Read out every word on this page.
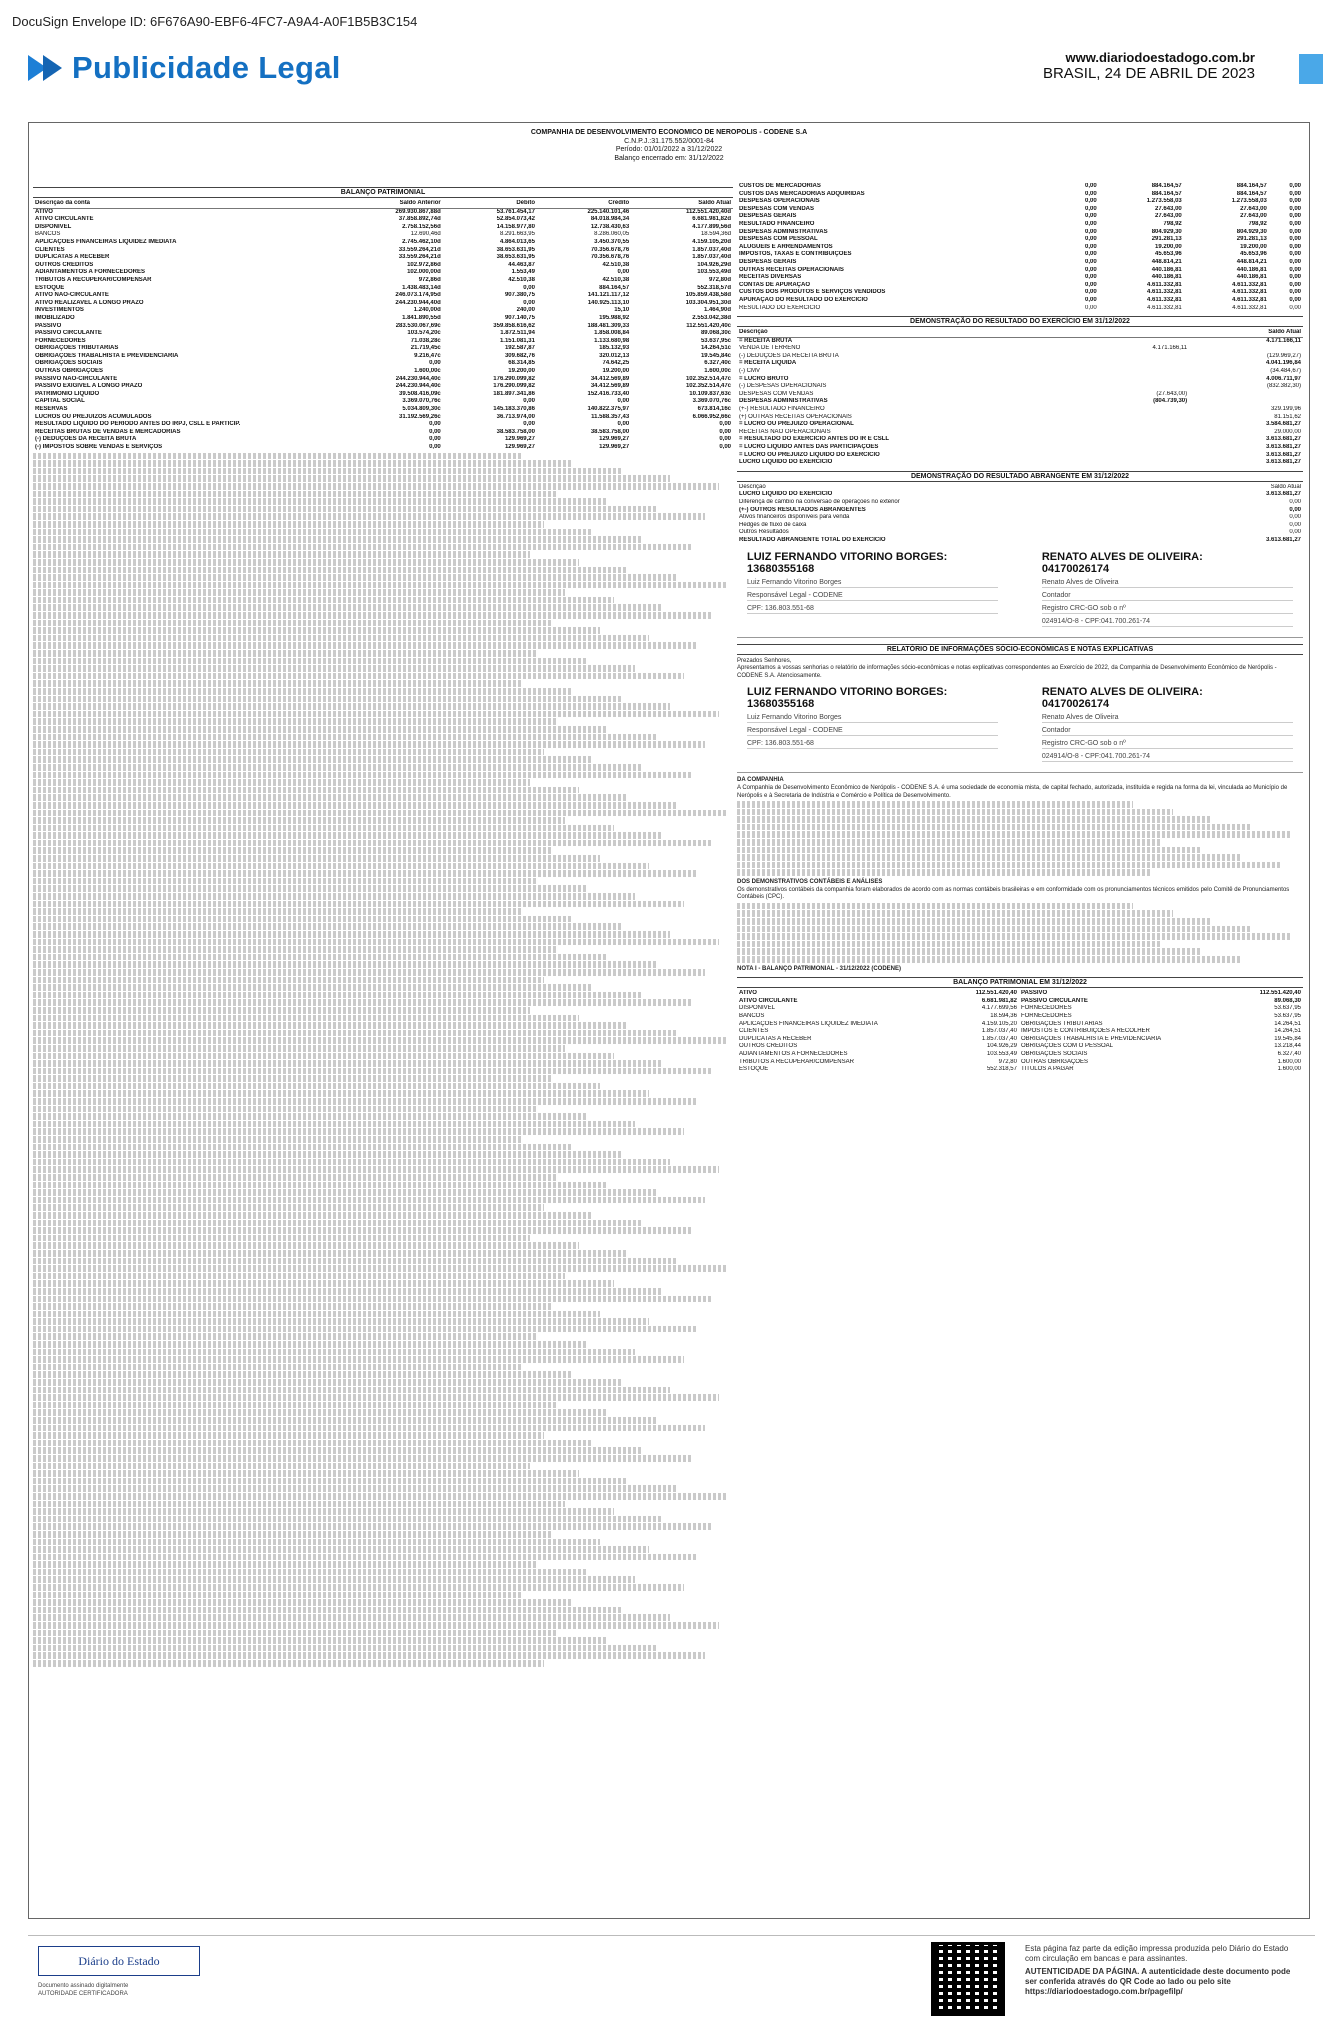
DocuSign Envelope ID: 6F676A90-EBF6-4FC7-A9A4-A0F1B5B3C154
Publicidade Legal	www.diariodoestadogo.com.br
BRASIL, 24 DE ABRIL DE 2023
COMPANHIA DE DESENVOLVIMENTO ECONOMICO DE NEROPOLIS - CODENE S.A
C.N.P.J.:31.175.552/0001-84
Período: 01/01/2022 a 31/12/2022
Balanço encerrado em: 31/12/2022
BALANÇO PATRIMONIAL
Descrição da conta	Saldo Anterior	Débito	Crédito	Saldo Atual
ATIVO	269.930.867,88d	53.761.454,17	225.140.101,46	112.551.420,40d
ATIVO CIRCULANTE	37.858.892,74d	52.854.073,42	84.018.984,34	6.681.981,82d
DISPONIVEL	2.758.152,56d	14.158.977,80	12.738.430,63	4.177.899,56d
BANCOS	12.690,46d	8.291.663,95	8.286.060,05	18.594,36d
APLICAÇÕES FINANCEIRAS LIQUIDEZ IMEDIATA	2.745.462,10d	4.864.013,65	3.450.370,55	4.159.105,20d
CLIENTES	33.559.264,21d	38.653.631,95	70.356.678,76	1.857.037,40d
DUPLICATAS A RECEBER	33.559.264,21d	38.653.631,95	70.356.678,76	1.857.037,40d
OUTROS CRÉDITOS	102.972,86d	44.463,87	42.510,38	104.926,29d
ADIANTAMENTOS A FORNECEDORES	102.000,00d	1.553,49	0,00	103.553,49d
TRIBUTOS A RECUPERAR/COMPENSAR	972,86d	42.510,38	42.510,38	972,80d
ESTOQUE	1.438.483,14d	0,00	884.164,57	552.318,57d
ATIVO NÃO-CIRCULANTE	246.073.174,95d	907.380,75	141.121.117,12	105.859.438,58d
ATIVO REALIZAVEL A LONGO PRAZO	244.230.944,40d	0,00	140.925.113,10	103.304.951,30d
INVESTIMENTOS	1.240,00d	240,00	15,10	1.464,90d
IMOBILIZADO	1.841.890,55d	907.140,75	195.988,92	2.553.042,38d
PASSIVO	283.530.067,69c	359.858.616,62	188.481.309,33	112.551.420,40c
PASSIVO CIRCULANTE	103.574,20c	1.872.511,94	1.858.008,84	89.068,30c
FORNECEDORES	71.038,28c	1.151.081,31	1.133.680,98	53.637,95c
OBRIGAÇÕES TRIBUTÁRIAS	21.719,45c	192.587,87	185.132,93	14.264,51c
OBRIGAÇÕES TRABALHISTA E PREVIDENCIARIA	9.216,47c	309.682,76	320.012,13	19.545,84c
OBRIGAÇÕES SOCIAIS	0,00	68.314,85	74.642,25	6.327,40c
OUTRAS OBRIGAÇÕES	1.600,00c	19.200,00	19.200,00	1.600,00c
PASSIVO NÃO-CIRCULANTE	244.230.944,40c	176.290.099,82	34.412.569,89	102.352.514,47c
PASSIVO EXIGÍVEL A LONGO PRAZO	244.230.944,40c	176.290.099,82	34.412.569,89	102.352.514,47c
PATRIMÔNIO LÍQUIDO	39.508.416,09c	181.897.341,86	152.416.733,40	10.109.837,63c
CAPITAL SOCIAL	3.369.070,76c	0,00	0,00	3.369.070,76c
RESERVAS	5.034.809,30c	145.183.370,86	140.822.375,97	673.814,16c
LUCROS OU PREJUÍZOS ACUMULADOS	31.192.569,26c	36.713.974,00	11.588.357,43	6.066.952,66c
RESULTADO LIQUIDO DO PERÍODO ANTES DO IRPJ, CSLL E PARTICIP.	0,00	0,00	0,00	0,00
RECEITAS BRUTAS DE VENDAS E MERCADORIAS	0,00	38.583.758,00	38.583.758,00	0,00
(-) DEDUÇÕES DA RECEITA BRUTA	0,00	129.969,27	129.969,27	0,00
(-) IMPOSTOS SOBRE VENDAS E SERVIÇOS	0,00	129.969,27	129.969,27	0,00
CUSTOS DE MERCADORIAS	0,00	884.164,57	884.164,57	0,00
CUSTOS DAS MERCADORIAS ADQUIRIDAS	0,00	884.164,57	884.164,57	0,00
DESPESAS OPERACIONAIS	0,00	1.273.558,03	1.273.558,03	0,00
DESPESAS COM VENDAS	0,00	27.643,00	27.643,00	0,00
DESPESAS GERAIS	0,00	27.643,00	27.643,00	0,00
RESULTADO FINANCEIRO	0,00	798,92	798,92	0,00
DESPESAS ADMINISTRATIVAS	0,00	804.929,30	804.929,30	0,00
DESPESAS COM PESSOAL	0,00	291.281,13	291.281,13	0,00
ALUGUEIS E ARRENDAMENTOS	0,00	19.200,00	19.200,00	0,00
IMPOSTOS, TAXAS E CONTRIBUIÇÕES	0,00	45.653,96	45.653,96	0,00
DESPESAS GERAIS	0,00	448.814,21	448.814,21	0,00
OUTRAS RECEITAS OPERACIONAIS	0,00	440.186,81	440.186,81	0,00
RECEITAS DIVERSAS	0,00	440.186,81	440.186,81	0,00
CONTAS DE APURAÇÃO	0,00	4.611.332,81	4.611.332,81	0,00
CUSTOS DOS PRODUTOS E SERVIÇOS VENDIDOS	0,00	4.611.332,81	4.611.332,81	0,00
APURAÇÃO DO RESULTADO DO EXERCÍCIO	0,00	4.611.332,81	4.611.332,81	0,00
RESULTADO DO EXERCÍCIO	0,00	4.611.332,81	4.611.332,81	0,00
DEMONSTRAÇÃO DO RESULTADO DO EXERCÍCIO EM 31/12/2022
Descrição		Saldo Atual
= RECEITA BRUTA		4.171.166,11
VENDA DE TERRENO	4.171.166,11	
(-) DEDUÇÕES DA RECEITA BRUTA		(129.969,27)
= RECEITA LÍQUIDA		4.041.196,84
(-) CMV		(34.484,67)
= LUCRO BRUTO		4.006.711,97
(-) DESPESAS OPERACIONAIS		(832.382,30)
DESPESAS COM VENDAS	(27.643,00)	
DESPESAS ADMINISTRATIVAS	(804.739,30)	
(+-) RESULTADO FINANCEIRO		329.199,96
(+) OUTRAS RECEITAS OPERACIONAIS		81.151,62
= LUCRO OU PREJUÍZO OPERACIONAL		3.584.681,27
RECEITAS NÃO OPERACIONAIS		29.000,00
= RESULTADO DO EXERCÍCIO ANTES DO IR E CSLL		3.613.681,27
= LUCRO LÍQUIDO ANTES DAS PARTICIPAÇÕES		3.613.681,27
= LUCRO OU PREJUÍZO LÍQUIDO DO EXERCÍCIO		3.613.681,27
LUCRO LÍQUIDO DO EXERCÍCIO		3.613.681,27
DEMONSTRAÇÃO DO RESULTADO ABRANGENTE EM 31/12/2022
Descrição	Saldo Atual
LUCRO LÍQUIDO DO EXERCÍCIO	3.613.681,27
Diferença de câmbio na conversão de operações no exterior	0,00
(+-) OUTROS RESULTADOS ABRANGENTES	0,00
Ativos financeiros disponíveis para venda	0,00
Hedges de fluxo de caixa	0,00
Outros Resultados	0,00
RESULTADO ABRANGENTE TOTAL DO EXERCÍCIO	3.613.681,27
LUIZ FERNANDO VITORINO BORGES:
13680355168
Luiz Fernando Vitorino Borges
Responsável Legal - CODENE
CPF: 136.803.551-68
RENATO ALVES DE OLIVEIRA:
04170026174
Renato Alves de Oliveira
Contador
Registro CRC-GO sob o nº
024914/O-8 - CPF:041.700.261-74
RELATÓRIO DE INFORMAÇÕES SÓCIO-ECONÔMICAS E NOTAS EXPLICATIVAS
Prezados Senhores,
Apresentamos a vossas senhorias o relatório de informações sócio-econômicas e notas explicativas correspondentes ao Exercício de 2022, da Companhia de Desenvolvimento Econômico de Nerópolis - CODENE S.A. Atenciosamente.
LUIZ FERNANDO VITORINO BORGES:
13680355168
Luiz Fernando Vitorino Borges
Responsável Legal - CODENE
CPF: 136.803.551-68
RENATO ALVES DE OLIVEIRA:
04170026174
Renato Alves de Oliveira
Contador
Registro CRC-GO sob o nº
024914/O-8 - CPF:041.700.261-74
DA COMPANHIA
A Companhia de Desenvolvimento Econômico de Nerópolis - CODENE S.A. é uma sociedade de economia mista, de capital fechado, autorizada, instituída e regida na forma da lei, vinculada ao Município de Nerópolis e à Secretaria de Indústria e Comércio e Política de Desenvolvimento.
DOS DEMONSTRATIVOS CONTÁBEIS E ANÁLISES
Os demonstrativos contábeis da companhia foram elaborados de acordo com as normas contábeis brasileiras e em conformidade com os pronunciamentos técnicos emitidos pelo Comitê de Pronunciamentos Contábeis (CPC).
NOTA I - BALANÇO PATRIMONIAL - 31/12/2022 (CODENE)
BALANÇO PATRIMONIAL EM 31/12/2022
ATIVO	112.551.420,40	PASSIVO	112.551.420,40
ATIVO CIRCULANTE	6.681.981,82	PASSIVO CIRCULANTE	89.068,30
DISPONÍVEL	4.177.699,56	FORNECEDORES	53.637,95
BANCOS	18.594,36	FORNECEDORES	53.637,95
APLICAÇÕES FINANCEIRAS LIQUIDEZ IMEDIATA	4.159.105,20	OBRIGAÇÕES TRIBUTÁRIAS	14.264,51
CLIENTES	1.857.037,40	IMPOSTOS E CONTRIBUIÇÕES A RECOLHER	14.264,51
DUPLICATAS A RECEBER	1.857.037,40	OBRIGAÇÕES TRABALHISTA E PREVIDENCIÁRIA	19.545,84
OUTROS CRÉDITOS	104.926,29	OBRIGAÇÕES COM O PESSOAL	13.218,44
ADIANTAMENTOS A FORNECEDORES	103.553,49	OBRIGAÇÕES SOCIAIS	6.327,40
TRIBUTOS A RECUPERAR/COMPENSAR	972,80	OUTRAS OBRIGAÇÕES	1.600,00
ESTOQUE	552.318,57	TÍTULOS A PAGAR	1.600,00
Diário do Estado
Documento assinado digitalmente
AUTORIDADE CERTIFICADORA
Esta página faz parte da edição impressa produzida pelo Diário do Estado com circulação em bancas e para assinantes.
AUTENTICIDADE DA PÁGINA. A autenticidade deste documento pode ser conferida através do QR Code ao lado ou pelo site https://diariodoestadogo.com.br/pagefilp/
